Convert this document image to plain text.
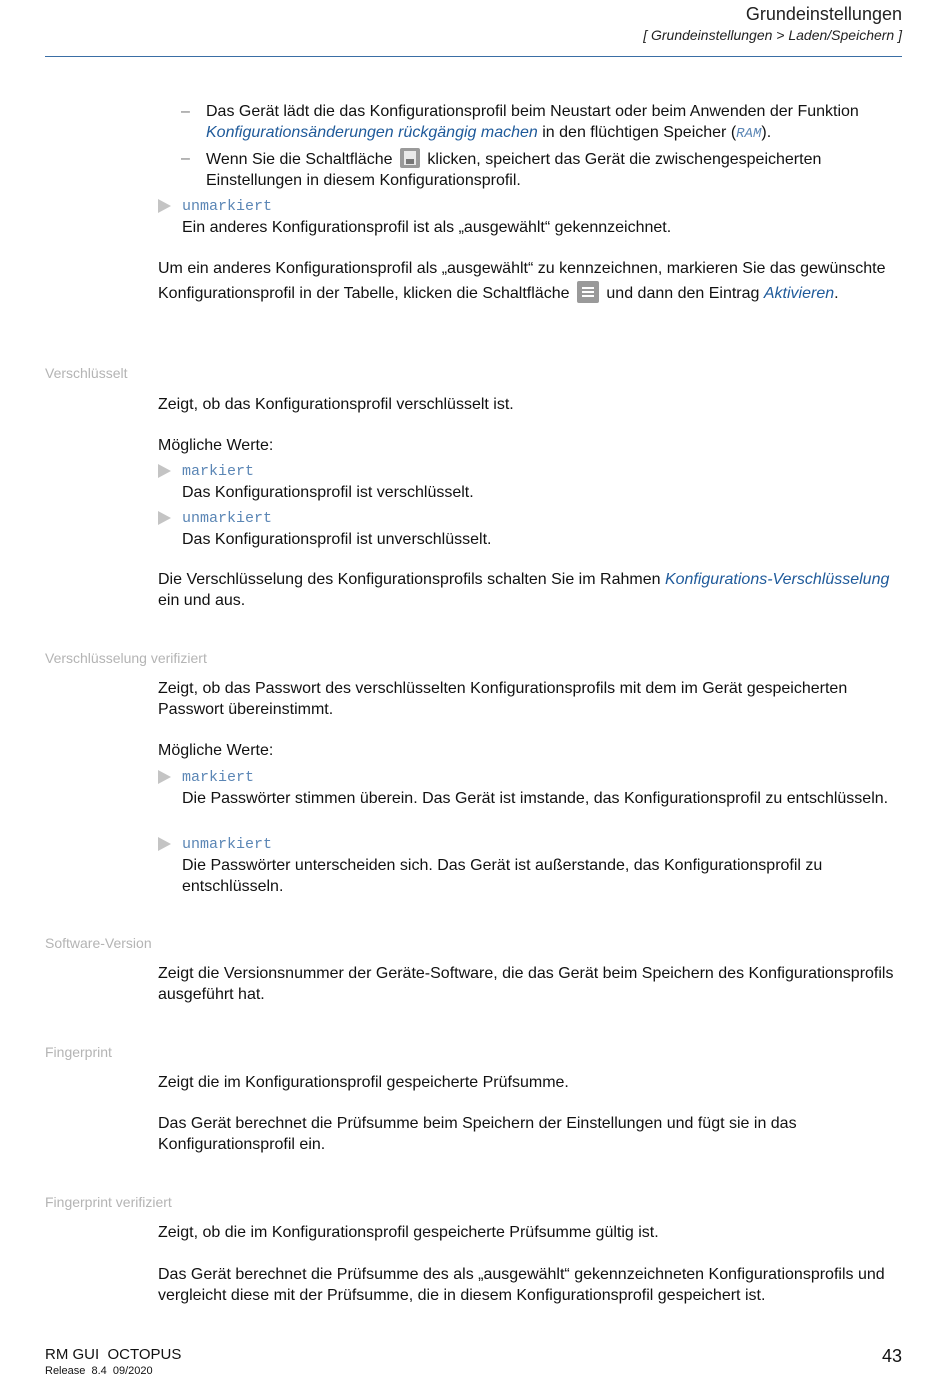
Grundeinstellungen
[ Grundeinstellungen > Laden/Speichern ]
–	Das Gerät lädt die das Konfigurationsprofil beim Neustart oder beim Anwenden der Funktion Konfigurationsänderungen rückgängig machen in den flüchtigen Speicher (RAM).
–	Wenn Sie die Schaltfläche klicken, speichert das Gerät die zwischengespeicherten Einstellungen in diesem Konfigurationsprofil.
unmarkiert
Ein anderes Konfigurationsprofil ist als „ausgewählt“ gekennzeichnet.
Um ein anderes Konfigurationsprofil als „ausgewählt“ zu kennzeichnen, markieren Sie das gewünschte Konfigurationsprofil in der Tabelle, klicken die Schaltfläche und dann den Eintrag Aktivieren.
Verschlüsselt
Zeigt, ob das Konfigurationsprofil verschlüsselt ist.
Mögliche Werte:
markiert
Das Konfigurationsprofil ist verschlüsselt.
unmarkiert
Das Konfigurationsprofil ist unverschlüsselt.
Die Verschlüsselung des Konfigurationsprofils schalten Sie im Rahmen Konfigurations-Verschlüsselung ein und aus.
Verschlüsselung verifiziert
Zeigt, ob das Passwort des verschlüsselten Konfigurationsprofils mit dem im Gerät gespeicherten Passwort übereinstimmt.
Mögliche Werte:
markiert
Die Passwörter stimmen überein. Das Gerät ist imstande, das Konfigurationsprofil zu entschlüsseln.
unmarkiert
Die Passwörter unterscheiden sich. Das Gerät ist außerstande, das Konfigurationsprofil zu entschlüsseln.
Software-Version
Zeigt die Versionsnummer der Geräte-Software, die das Gerät beim Speichern des Konfigurationsprofils ausgeführt hat.
Fingerprint
Zeigt die im Konfigurationsprofil gespeicherte Prüfsumme.
Das Gerät berechnet die Prüfsumme beim Speichern der Einstellungen und fügt sie in das Konfigurationsprofil ein.
Fingerprint verifiziert
Zeigt, ob die im Konfigurationsprofil gespeicherte Prüfsumme gültig ist.
Das Gerät berechnet die Prüfsumme des als „ausgewählt“ gekennzeichneten Konfigurationsprofils und vergleicht diese mit der Prüfsumme, die in diesem Konfigurationsprofil gespeichert ist.
RM GUI  OCTOPUS
Release  8.4  09/2020
43
